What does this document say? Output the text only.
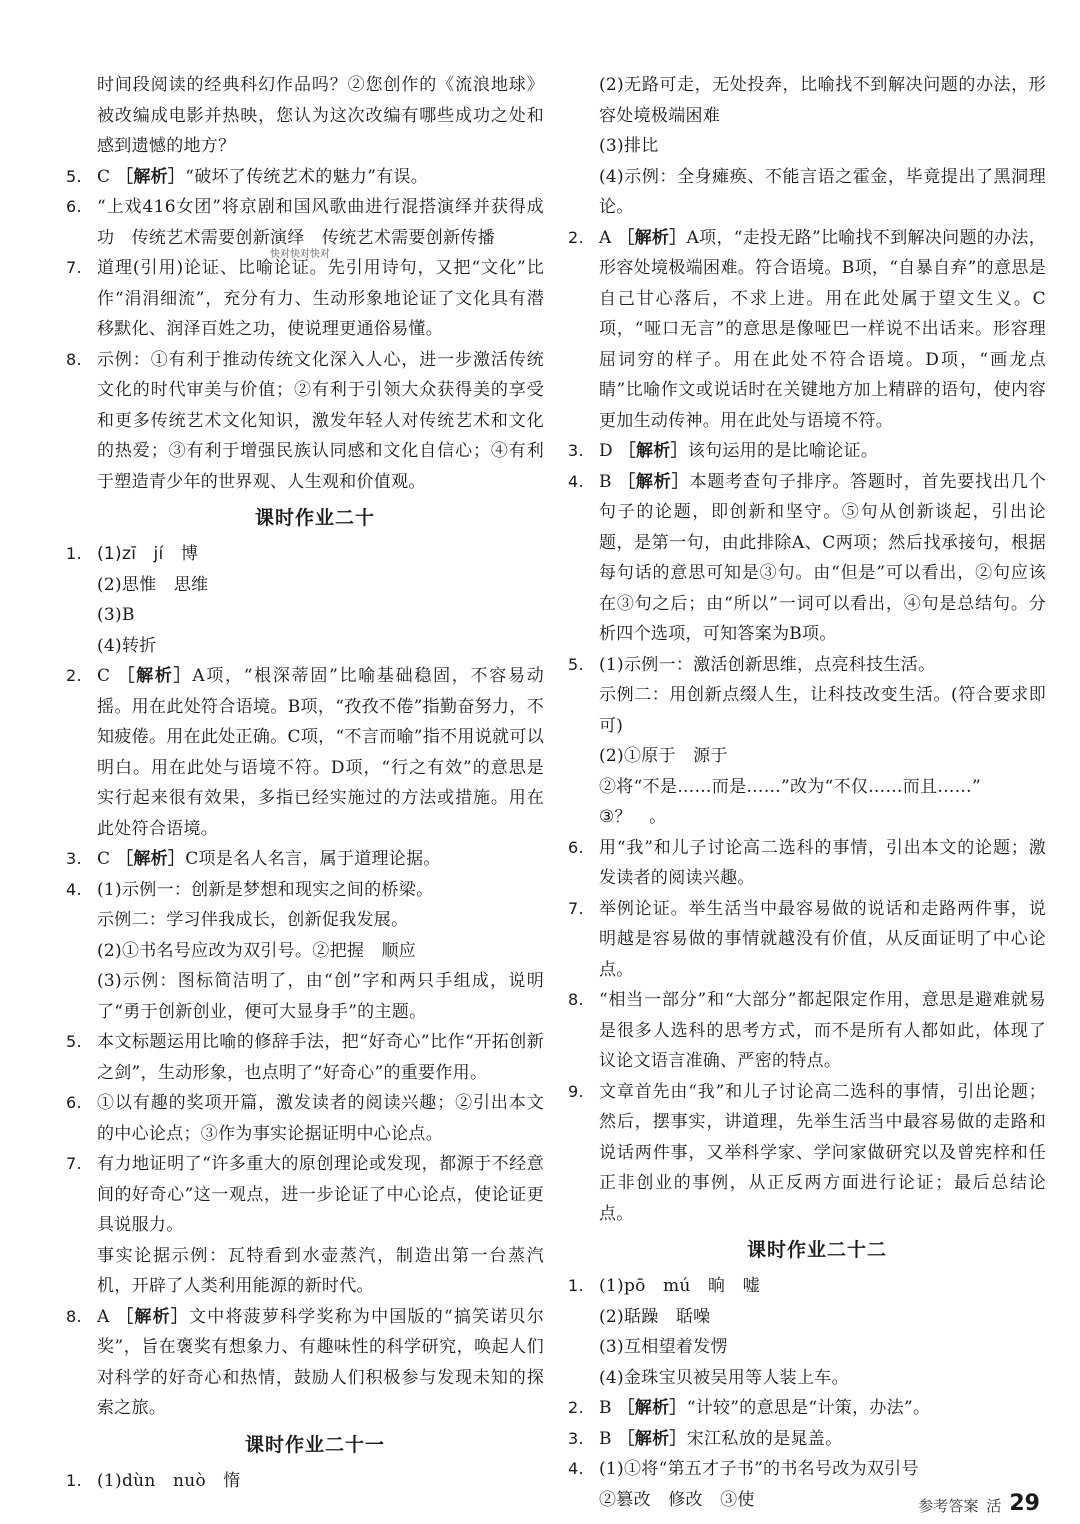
时间段阅读的经典科幻作品吗？②您创作的《流浪地球》被改编成电影并热映，您认为这次改编有哪些成功之处和感到遗憾的地方？
5. C ［解析］“破坏了传统艺术的魅力”有误。
6. “上戏416女团”将京剧和国风歌曲进行混搭演绎并获得成功　传统艺术需要创新演绎　传统艺术需要创新传播
7. 道理(引用)论证、比喻论证。先引用诗句，又把“文化”比作“涓涓细流”，充分有力、生动形象地论证了文化具有潜移默化、润泽百姓之功，使说理更通俗易懂。
8. 示例：①有利于推动传统文化深入人心，进一步激活传统文化的时代审美与价值；②有利于引领大众获得美的享受和更多传统艺术文化知识，激发年轻人对传统艺术和文化的热爱；③有利于增强民族认同感和文化自信心；④有利于塑造青少年的世界观、人生观和价值观。
课时作业二十
1. (1)zī　jí　博
(2)思惟　思维
(3)B
(4)转折
2. C ［解析］A项，“根深蒂固”比喻基础稳固，不容易动摇。用在此处符合语境。B项，“孜孜不倦”指勤奋努力，不知疲倦。用在此处正确。C项，“不言而喻”指不用说就可以明白。用在此处与语境不符。D项，“行之有效”的意思是实行起来很有效果，多指已经实施过的方法或措施。用在此处符合语境。
3. C ［解析］C项是名人名言，属于道理论据。
4. (1)示例一：创新是梦想和现实之间的桥梁。
示例二：学习伴我成长，创新促我发展。
(2)①书名号应改为双引号。②把握　顺应
(3)示例：图标简洁明了，由“创”字和两只手组成，说明了“勇于创新创业，便可大显身手”的主题。
5. 本文标题运用比喻的修辞手法，把“好奇心”比作“开拓创新之剑”，生动形象，也点明了“好奇心”的重要作用。
6. ①以有趣的奖项开篇，激发读者的阅读兴趣；②引出本文的中心论点；③作为事实论据证明中心论点。
7. 有力地证明了“许多重大的原创理论或发现，都源于不经意间的好奇心”这一观点，进一步论证了中心论点，使论证更具说服力。
事实论据示例：瓦特看到水壶蒸汽，制造出第一台蒸汽机，开辟了人类利用能源的新时代。
8. A ［解析］文中将菠萝科学奖称为中国版的“搞笑诺贝尔奖”，旨在褒奖有想象力、有趣味性的科学研究，唤起人们对科学的好奇心和热情，鼓励人们积极参与发现未知的探索之旅。
课时作业二十一
1. (1)dùn　nuò　惰
(2)无路可走，无处投奔，比喻找不到解决问题的办法，形容处境极端困难
(3)排比
(4)示例：全身瘫痪、不能言语之霍金，毕竟提出了黑洞理论。
2. A ［解析］A项，“走投无路”比喻找不到解决问题的办法，形容处境极端困难。符合语境。B项，“自暴自弃”的意思是自己甘心落后，不求上进。用在此处属于望文生义。C项，“哑口无言”的意思是像哑巴一样说不出话来。形容理屈词穷的样子。用在此处不符合语境。D项，“画龙点睛”比喻作文或说话时在关键地方加上精辟的语句，使内容更加生动传神。用在此处与语境不符。
3. D ［解析］该句运用的是比喻论证。
4. B ［解析］本题考查句子排序。答题时，首先要找出几个句子的论题，即创新和坚守。⑤句从创新谈起，引出论题，是第一句，由此排除A、C两项；然后找承接句，根据每句话的意思可知是③句。由“但是”可以看出，②句应该在③句之后；由“所以”一词可以看出，④句是总结句。分析四个选项，可知答案为B项。
5. (1)示例一：激活创新思维，点亮科技生活。
示例二：用创新点缀人生，让科技改变生活。(符合要求即可)
(2)①原于　源于
②将“不是……而是……”改为“不仅……而且……”
③？　。
6. 用“我”和儿子讨论高二选科的事情，引出本文的论题；激发读者的阅读兴趣。
7. 举例论证。举生活当中最容易做的说话和走路两件事，说明越是容易做的事情就越没有价值，从反面证明了中心论点。
8. “相当一部分”和“大部分”都起限定作用，意思是避难就易是很多人选科的思考方式，而不是所有人都如此，体现了议论文语言准确、严密的特点。
9. 文章首先由“我”和儿子讨论高二选科的事情，引出论题；然后，摆事实，讲道理，先举生活当中最容易做的走路和说话两件事，又举科学家、学问家做研究以及曾宪梓和任正非创业的事例，从正反两方面进行论证；最后总结论点。
课时作业二十二
1. (1)pō　mú　晌　嘘
(2)聒躁　聒噪
(3)互相望着发愣
(4)金珠宝贝被吴用等人装上车。
2. B ［解析］“计较”的意思是“计策，办法”。
3. B ［解析］宋江私放的是晁盖。
4. (1)①将“第五才子书”的书名号改为双引号
②篡改　修改　③使
快对快对快对
参考答案 活 29
